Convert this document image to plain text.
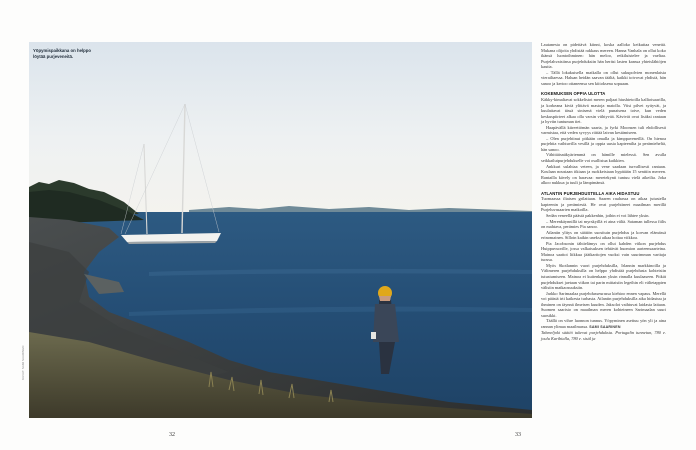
Yöpymispaikkana on helppo löytää purjeveneitä.
KUVAT: SAMI SAARINEN
32	33

Lautanesta on pidettävä kiinni, koska aalloko keikuttaa venettä. Mukana olijoita yhdistää rakkaus mereen. Hanna Vanhala on ollut koko ikänsä luontoihminen: hän meloo, retkiluistelee ja vaeltaa. Purjelahvaisiinsa purjehduksiin hän heräsi lasten kanssa yhteislähtöjen kautta.

– Tällä lokakuisella matkalla on ollut sukupolvien monenlaisia vierailtaessa. Haluan heidän saavan täältä, kaikki toivovat yhdistä, hän sanoo ja kertoo ottaneensa sen kiitoksena sopuaan.

KOKEMUKSEN OPPIA ULOTTA

Käkky-kimaltavat sokkelistot meren paljaat hiushietoilla kallioisaarilla, ja korkeana kiviä ylittävä mastoja matolla. Viisi pilvet syttyvät, ja kuulattavat tässä sinisenä vielä punaisena toive, kun veden keskuspiirteet alkaa olla varsin viihtyvää. Kävivät ovat lisäksi rantaan ja hyviin tuntuman tiet.

Haapävällä kiireettömän saarta, ja fyrki Moonsen tuli ehdollisesti varmistaa, että veden syvyys riittää laivan kestämiseen.

– Olen purjehtinut pitkään omalla ja kimppaveneillä. On hienoa purjehtia vaihtuvilla vesillä ja oppia uusia kapteenilta ja perämieheltä, hän sanoo.

Vähittäisnäkyäriemmä on hämille mielessä. Sen avulla seikkailutpurjehdukselle voi osallistua kaikkien.

Ankkuri sulahtaa veteen, ja vene saadaan turvallisesti rantaan. Koulaan noustaan itkiaan ja ruokkeistaan hypätään 15 senttiin mereen. Rantailla kävely on haravaa: meretekynti tuntuu vielä aikeilta. Joka alkoo nukkua ja tuuli ja lämpimänsä.

ATLANTIN PURJEHDUSTELLA AIKA HIDASTUU

Tuomaassa iltaisen grilattaan. Saaren rauhassa on aikaa jutustella kapteenin ja perämiestä. He ovat purjehtineet maailman merillä Purjeluvasaarten matkoilla.

Sedän veneellä päästä pakkenhin, joihin ei voi lähtee yksin.

– Merenkäynnillä tai myrskyillä ei aina väliä. Sataman tullessa fiilis on mahtava, perämies Pia sanoo.

Atlantin ylitys on säätiön suosituin purjehdus ja korvan elämässä erinomainen. Silloin kaikin uneksi aikaa hoitaa viikkoa.

Pia Jacobsonin tähtielämys on ollut kahden viikon purjehdus Huippuvuorille, jossa valkaisuksen tehtävät huomion aarteensaarteina. Mainoa saattoi liikkua jäätkarttojen vuoksi vain suurimman varttaja tuossa.

Myös Skotlannin vuori purjehduksilla, Irlannin markkinoilla ja Välimeren purjehduksilla on helppo yhdistää purjehdusta kohteisiin tutustumiseen. Mainoa ei kuitenkaan yksin rinnalla kuulaaseen. Pitkät purjehdukset jaetaan viikon tai parin mittaisiin legeihin eli välietappien välisiin matkaosuuksiin.

Jarkko Sarimaalaa purjehdusseurassa kiehtoo ennen vapaus. Merellä voi päästä irti kaikesta turhasta. Atlantin purjehduksilla aika hidastuu ja ihminen on täynnä ilmeisen kuuden. Jaksolot vaihtuvat laidasta laitaan. Suomen saaristo on maailman meren kohteineen Sarimaalan suuri suosikki.

Täällä on vihre luonnon tunnus. Yöpyminen asettuu yön yli ja aina rannan ylimaa maailmassa. SAMI SAARINEN

Tahmeljoki säätiö tukevat purjehduksia. Portugalin tunnetun, 780 e. joulu Karibialla, 780 e. sisäl ja
